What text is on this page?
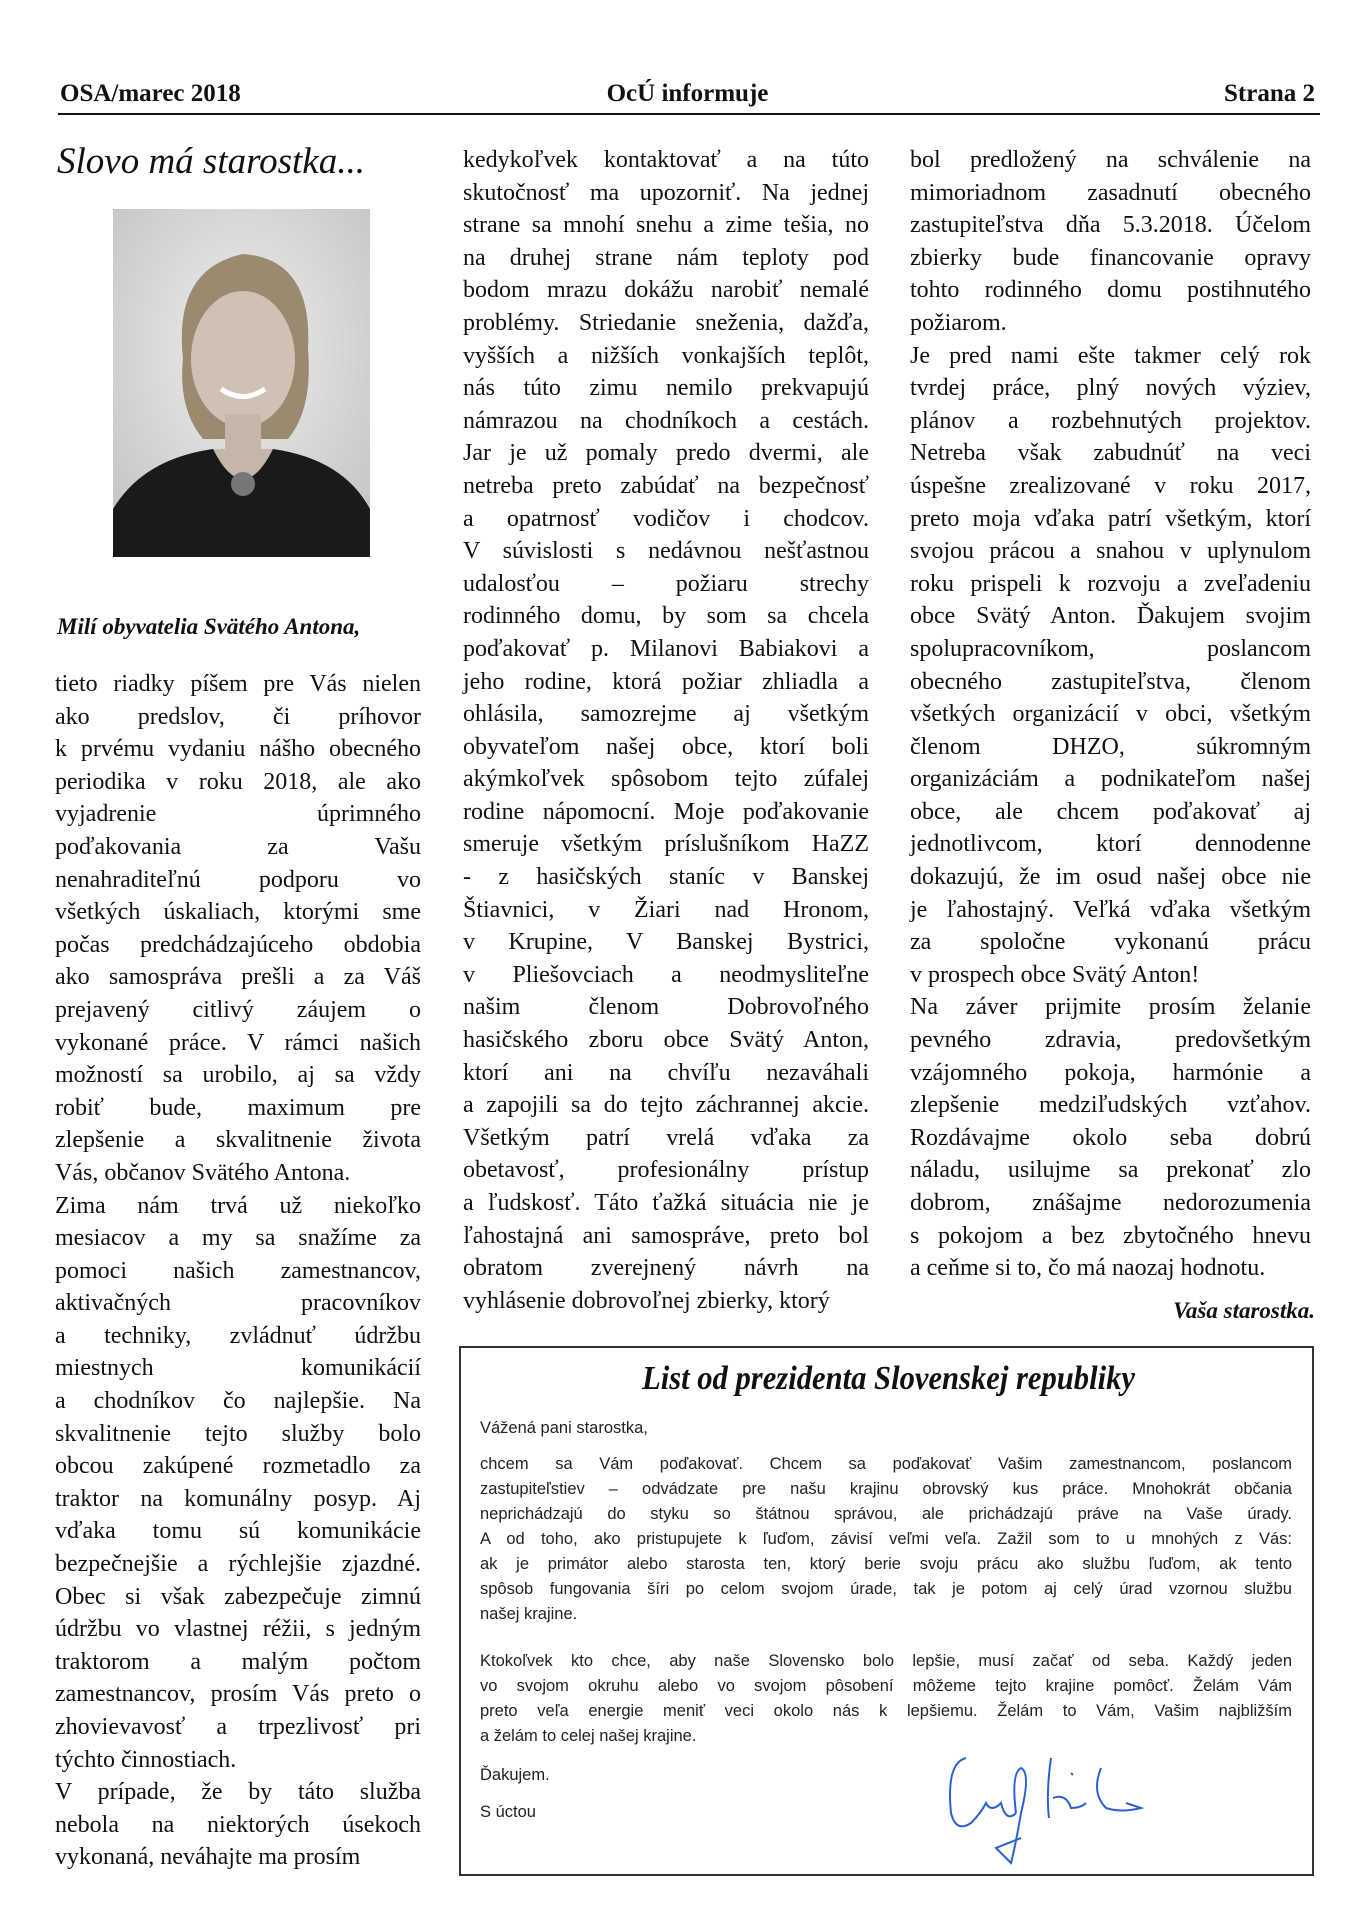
OSA/marec 2018	OcÚ informuje	Strana 2
Slovo má starostka...
Milí obyvatelia Svätého Antona,
tieto riadky píšem pre Vás nielen
ako predslov, či príhovor
k prvému vydaniu nášho obecného
periodika v roku 2018, ale ako
vyjadrenie úprimného
poďakovania za Vašu
nenahraditeľnú podporu vo
všetkých úskaliach, ktorými sme
počas predchádzajúceho obdobia
ako samospráva prešli a za Váš
prejavený citlivý záujem o
vykonané práce. V rámci našich
možností sa urobilo, aj sa vždy
robiť bude, maximum pre
zlepšenie a skvalitnenie života
Vás, občanov Svätého Antona.
Zima nám trvá už niekoľko
mesiacov a my sa snažíme za
pomoci našich zamestnancov,
aktivačných pracovníkov
a techniky, zvládnuť údržbu
miestnych komunikácií
a chodníkov čo najlepšie. Na
skvalitnenie tejto služby bolo
obcou zakúpené rozmetadlo za
traktor na komunálny posyp. Aj
vďaka tomu sú komunikácie
bezpečnejšie a rýchlejšie zjazdné.
Obec si však zabezpečuje zimnú
údržbu vo vlastnej réžii, s jedným
traktorom a malým počtom
zamestnancov, prosím Vás preto o
zhovievavosť a trpezlivosť pri
týchto činnostiach.
V prípade, že by táto služba
nebola na niektorých úsekoch
vykonaná, neváhajte ma prosím
kedykoľvek kontaktovať a na túto
skutočnosť ma upozorniť. Na jednej
strane sa mnohí snehu a zime tešia, no
na druhej strane nám teploty pod
bodom mrazu dokážu narobiť nemalé
problémy. Striedanie sneženia, dažďa,
vyšších a nižších vonkajších teplôt,
nás túto zimu nemilo prekvapujú
námrazou na chodníkoch a cestách.
Jar je už pomaly predo dvermi, ale
netreba preto zabúdať na bezpečnosť
a opatrnosť vodičov i chodcov.
V súvislosti s nedávnou nešťastnou
udalosťou – požiaru strechy
rodinného domu, by som sa chcela
poďakovať p. Milanovi Babiakovi a
jeho rodine, ktorá požiar zhliadla a
ohlásila, samozrejme aj všetkým
obyvateľom našej obce, ktorí boli
akýmkoľvek spôsobom tejto zúfalej
rodine nápomocní. Moje poďakovanie
smeruje všetkým príslušníkom HaZZ
- z hasičských staníc v Banskej
Štiavnici, v Žiari nad Hronom,
v Krupine, V Banskej Bystrici,
v Pliešovciach a neodmysliteľne
našim členom Dobrovoľného
hasičského zboru obce Svätý Anton,
ktorí ani na chvíľu nezaváhali
a zapojili sa do tejto záchrannej akcie.
Všetkým patrí vrelá vďaka za
obetavosť, profesionálny prístup
a ľudskosť. Táto ťažká situácia nie je
ľahostajná ani samospráve, preto bol
obratom zverejnený návrh na
vyhlásenie dobrovoľnej zbierky, ktorý
bol predložený na schválenie na
mimoriadnom zasadnutí obecného
zastupiteľstva dňa 5.3.2018. Účelom
zbierky bude financovanie opravy
tohto rodinného domu postihnutého
požiarom.
Je pred nami ešte takmer celý rok
tvrdej práce, plný nových výziev,
plánov a rozbehnutých projektov.
Netreba však zabudnúť na veci
úspešne zrealizované v roku 2017,
preto moja vďaka patrí všetkým, ktorí
svojou prácou a snahou v uplynulom
roku prispeli k rozvoju a zveľadeniu
obce Svätý Anton. Ďakujem svojim
spolupracovníkom, poslancom
obecného zastupiteľstva, členom
všetkých organizácií v obci, všetkým
členom DHZO, súkromným
organizáciám a podnikateľom našej
obce, ale chcem poďakovať aj
jednotlivcom, ktorí dennodenne
dokazujú, že im osud našej obce nie
je ľahostajný. Veľká vďaka všetkým
za spoločne vykonanú prácu
v prospech obce Svätý Anton!
Na záver prijmite prosím želanie
pevného zdravia, predovšetkým
vzájomného pokoja, harmónie a
zlepšenie medziľudských vzťahov.
Rozdávajme okolo seba dobrú
náladu, usilujme sa prekonať zlo
dobrom, znášajme nedorozumenia
s pokojom a bez zbytočného hnevu
a ceňme si to, čo má naozaj hodnotu.
Vaša starostka.
List od prezidenta Slovenskej republiky
Vážená pani starostka,
chcem sa Vám poďakovať. Chcem sa poďakovať Vašim zamestnancom, poslancom
zastupiteľstiev – odvádzate pre našu krajinu obrovský kus práce. Mnohokrát občania
neprichádzajú do styku so štátnou správou, ale prichádzajú práve na Vaše úrady.
A od toho, ako pristupujete k ľuďom, závisí veľmi veľa. Zažil som to u mnohých z Vás:
ak je primátor alebo starosta ten, ktorý berie svoju prácu ako službu ľuďom, ak tento
spôsob fungovania šíri po celom svojom úrade, tak je potom aj celý úrad vzornou službu
našej krajine.
Ktokoľvek kto chce, aby naše Slovensko bolo lepšie, musí začať od seba. Každý jeden
vo svojom okruhu alebo vo svojom pôsobení môžeme tejto krajine pomôcť. Želám Vám
preto veľa energie meniť veci okolo nás k lepšiemu. Želám to Vám, Vašim najbližším
a želám to celej našej krajine.
Ďakujem.
S úctou
